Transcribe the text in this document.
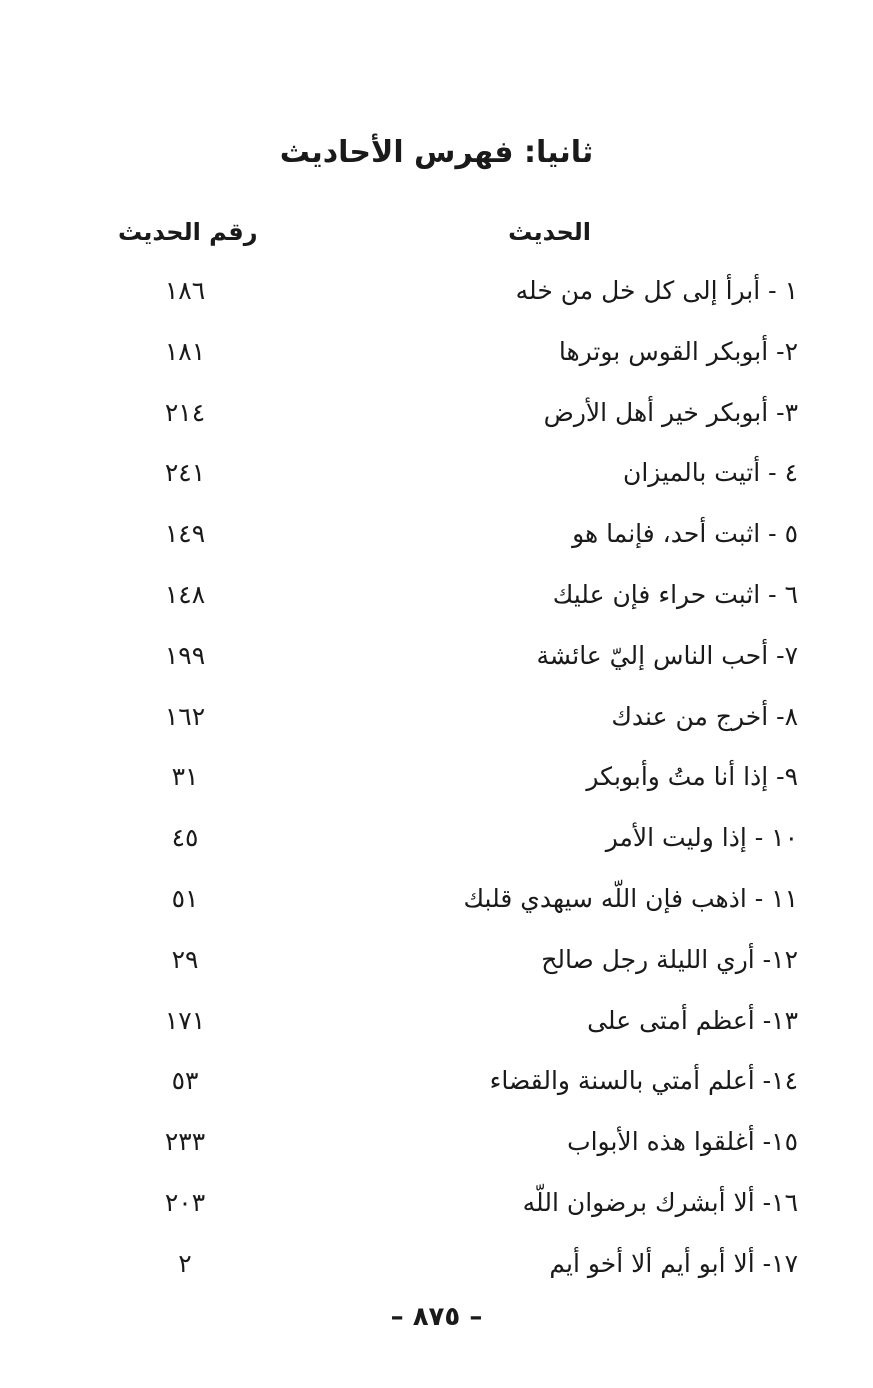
ثانيا: فهرس الأحاديث
الحديث
رقم الحديث
١ - أبرأ إلى كل خل من خله
١٨٦
٢- أبوبكر القوس بوترها
١٨١
٣- أبوبكر خير أهل الأرض
٢١٤
٤ - أتيت بالميزان
٢٤١
٥ - اثبت أحد، فإنما هو
١٤٩
٦ - اثبت حراء فإن عليك
١٤٨
٧- أحب الناس إليّ عائشة
١٩٩
٨- أخرج من عندك
١٦٢
٩- إذا أنا متُ وأبوبكر
٣١
١٠ - إذا وليت الأمر
٤٥
١١ - اذهب فإن اللّه سيهدي قلبك
٥١
١٢- أري الليلة رجل صالح
٢٩
١٣- أعظم أمتى على
١٧١
١٤- أعلم أمتي بالسنة والقضاء
٥٣
١٥- أغلقوا هذه الأبواب
٢٣٣
١٦- ألا أبشرك برضوان اللّه
٢٠٣
١٧- ألا أبو أيم ألا أخو أيم
٢
– ٨٧٥ –
